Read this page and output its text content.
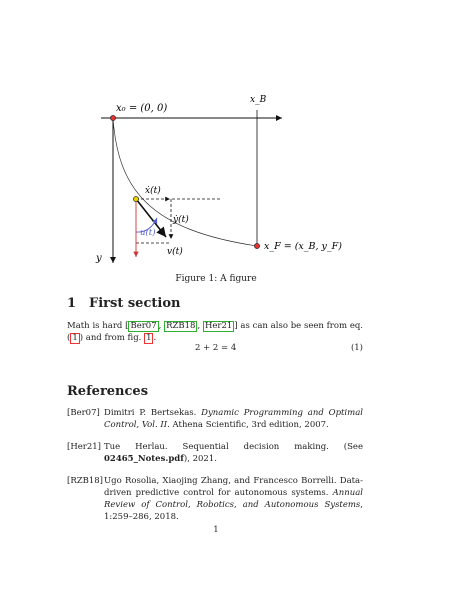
x₀ = (0, 0)
x_B
y
ẋ(t)
ẏ(t)
u(t)
v(t)	x_F = (x_B, y_F)
Figure 1: A figure
1 First section
Math is hard [ Ber07 , RZB18 , Her21 ] as can also be seen from eq. ( 1 ) and from fig. 1 .
2 + 2 = 4	(1)
References
[Ber07] Dimitri P. Bertsekas. Dynamic Programming and Optimal Control, Vol. II. Athena Scientific, 3rd edition, 2007.
[Her21] Tue Herlau. Sequential decision making. (See 02465_Notes.pdf), 2021.
[RZB18] Ugo Rosolia, Xiaojing Zhang, and Francesco Borrelli. Data-driven predictive control for autonomous systems. Annual Review of Control, Robotics, and Autonomous Systems, 1:259–286, 2018.
1
